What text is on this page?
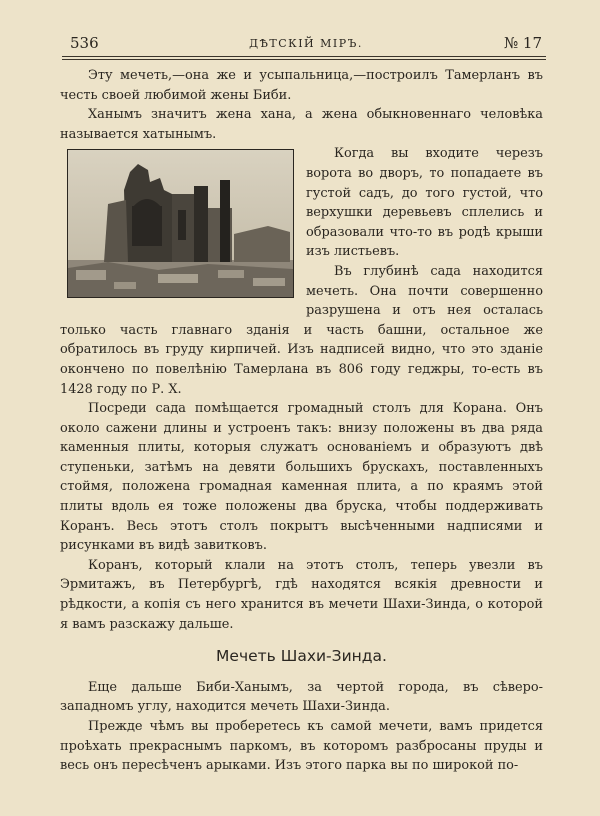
536	ДѢТСКІЙ МІРЪ.	№ 17

Эту мечеть,—она же и усыпальница,—построилъ Тамерланъ въ честь своей любимой жены Биби.

Ханымъ значитъ жена хана, а жена обыкновеннаго человѣка называется хатынымъ.

Когда вы входите черезъ ворота во дворъ, то попадаете въ густой садъ, до того густой, что верхушки деревьевъ сплелись и образовали что-то въ родѣ крыши изъ листьевъ.

Въ глубинѣ сада находится мечеть. Она почти совершенно разрушена и отъ нея осталась только часть главнаго зданія и часть башни, остальное же обратилось въ груду кирпичей. Изъ надписей видно, что это зданіе окончено по повелѣнію Тамерлана въ 806 году геджры, то-есть въ 1428 году по Р. Х.

Посреди сада помѣщается громадный столъ для Корана. Онъ около сажени длины и устроенъ такъ: внизу положены въ два ряда каменныя плиты, которыя служатъ основаніемъ и образуютъ двѣ ступеньки, затѣмъ на девяти большихъ брускахъ, поставленныхъ стоймя, положена громадная каменная плита, а по краямъ этой плиты вдоль ея тоже положены два бруска, чтобы поддерживать Коранъ. Весь этотъ столъ покрытъ высѣченными надписями и рисунками въ видѣ завитковъ.

Коранъ, который клали на этотъ столъ, теперь увезли въ Эрмитажъ, въ Петербургѣ, гдѣ находятся всякія древности и рѣдкости, а копія съ него хранится въ мечети Шахи-Зинда, о которой я вамъ разскажу дальше.

Мечеть Шахи-Зинда.

Еще дальше Биби-Ханымъ, за чертой города, въ сѣверо-западномъ углу, находится мечеть Шахи-Зинда.

Прежде чѣмъ вы проберетесь къ самой мечети, вамъ придется проѣхать прекраснымъ паркомъ, въ которомъ разбросаны пруды и весь онъ пересѣченъ арыками. Изъ этого парка вы по широкой по-
